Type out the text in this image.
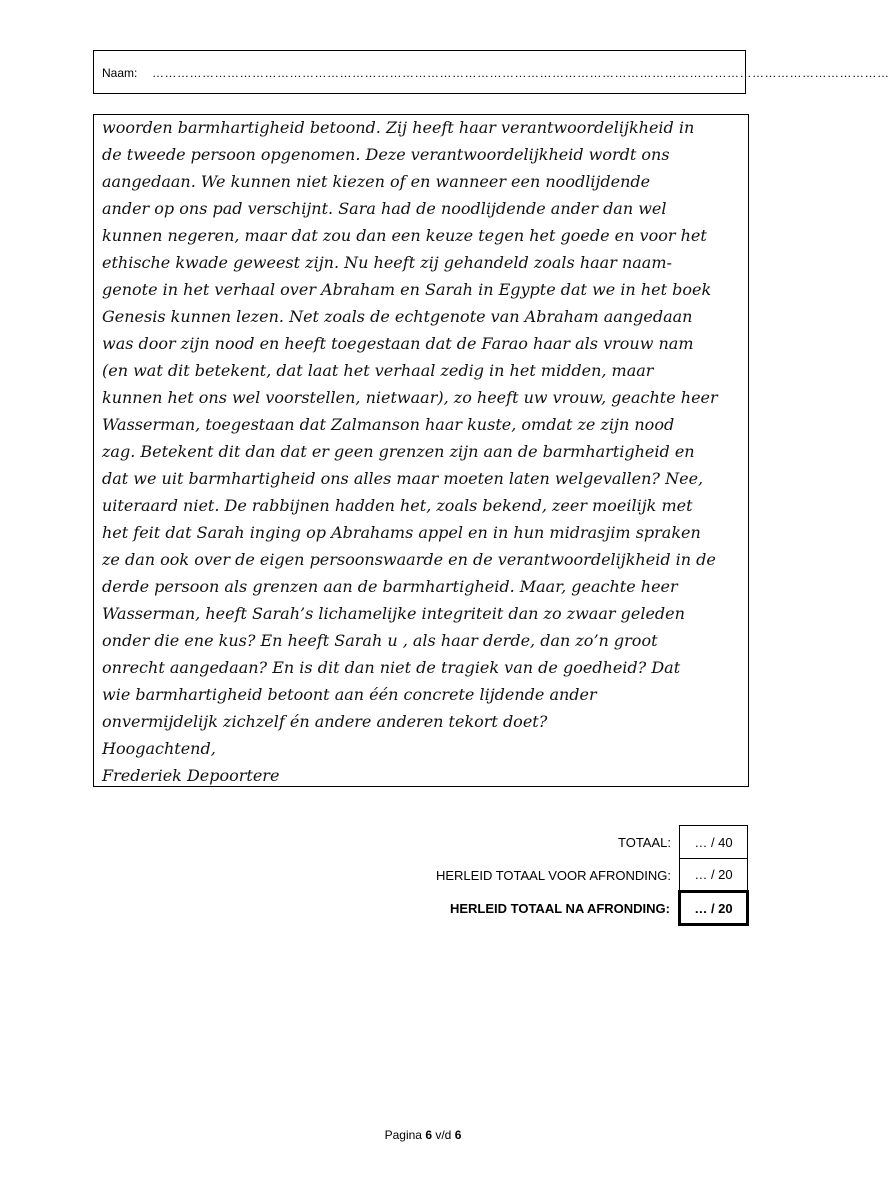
Naam: ……………………………………………………………………………………………………………………………………………………………
woorden barmhartigheid betoond. Zij heeft haar verantwoordelijkheid in
de tweede persoon opgenomen. Deze verantwoordelijkheid wordt ons
aangedaan. We kunnen niet kiezen of en wanneer een noodlijdende
ander op ons pad verschijnt. Sara had de noodlijdende ander dan wel
kunnen negeren, maar dat zou dan een keuze tegen het goede en voor het
ethische kwade geweest zijn. Nu heeft zij gehandeld zoals haar naam-
genote in het verhaal over Abraham en Sarah in Egypte dat we in het boek
Genesis kunnen lezen. Net zoals de echtgenote van Abraham aangedaan
was door zijn nood en heeft toegestaan dat de Farao haar als vrouw nam
(en wat dit betekent, dat laat het verhaal zedig in het midden, maar
kunnen het ons wel voorstellen, nietwaar), zo heeft uw vrouw, geachte heer
Wasserman, toegestaan dat Zalmanson haar kuste, omdat ze zijn nood
zag. Betekent dit dan dat er geen grenzen zijn aan de barmhartigheid en
dat we uit barmhartigheid ons alles maar moeten laten welgevallen? Nee,
uiteraard niet. De rabbijnen hadden het, zoals bekend, zeer moeilijk met
het feit dat Sarah inging op Abrahams appel en in hun midrasjim spraken
ze dan ook over de eigen persoonswaarde en de verantwoordelijkheid in de
derde persoon als grenzen aan de barmhartigheid. Maar, geachte heer
Wasserman, heeft Sarah’s lichamelijke integriteit dan zo zwaar geleden
onder die ene kus? En heeft Sarah u , als haar derde, dan zo’n groot
onrecht aangedaan? En is dit dan niet de tragiek van de goedheid? Dat
wie barmhartigheid betoont aan één concrete lijdende ander
onvermijdelijk zichzelf én andere anderen tekort doet?
Hoogachtend,
Frederiek Depoortere
TOTAAL:	… / 40
HERLEID TOTAAL VOOR AFRONDING:	… / 20
HERLEID TOTAAL NA AFRONDING:	… / 20
Pagina 6 v/d 6
